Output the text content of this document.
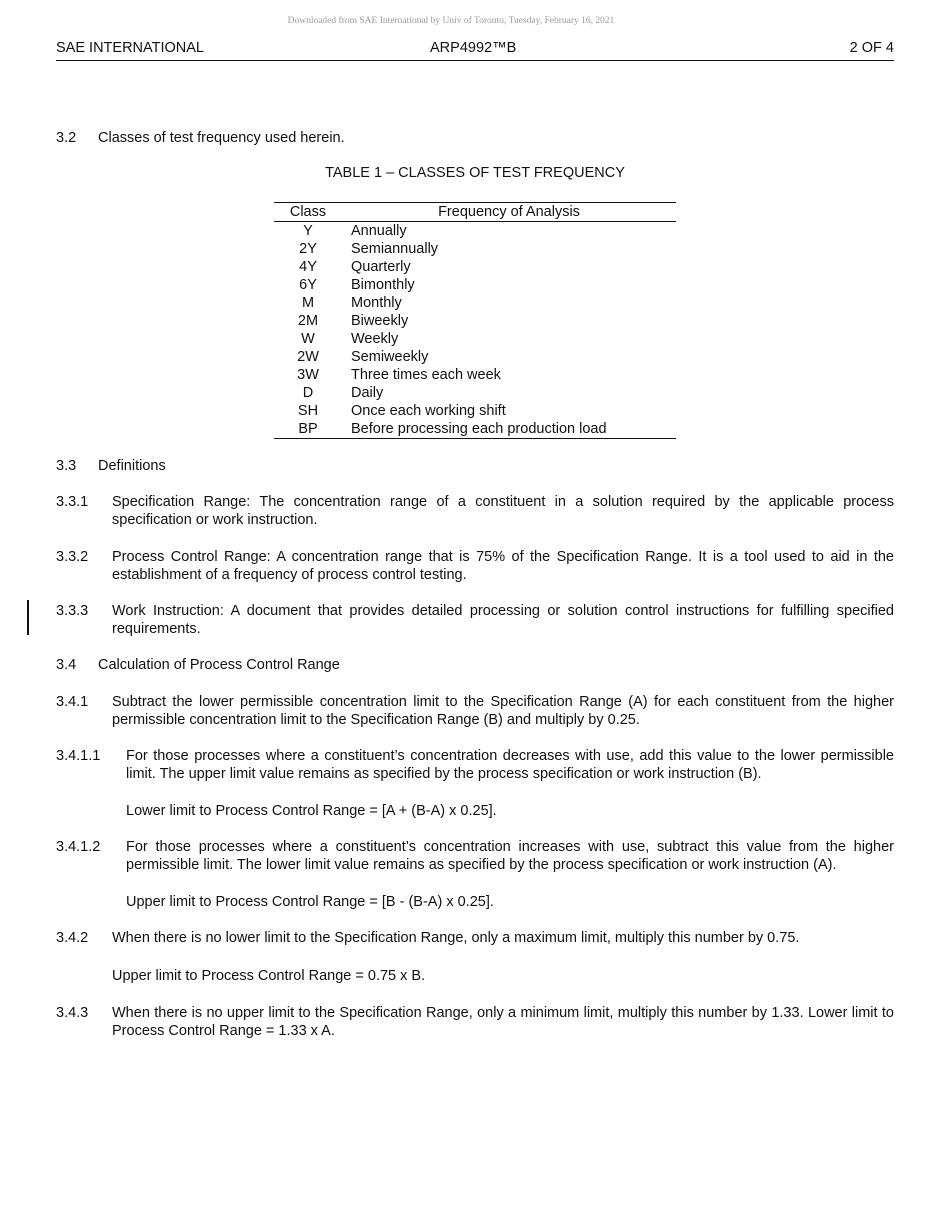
Downloaded from SAE International by Univ of Toronto, Tuesday, February 16, 2021
SAE INTERNATIONAL	ARP4992™B	2 OF 4
3.2 Classes of test frequency used herein.
TABLE 1 – CLASSES OF TEST FREQUENCY
Class	Frequency of Analysis
Y	Annually
2Y	Semiannually
4Y	Quarterly
6Y	Bimonthly
M	Monthly
2M	Biweekly
W	Weekly
2W	Semiweekly
3W	Three times each week
D	Daily
SH	Once each working shift
BP	Before processing each production load
3.3 Definitions
3.3.1 Specification Range: The concentration range of a constituent in a solution required by the applicable process specification or work instruction.
3.3.2 Process Control Range: A concentration range that is 75% of the Specification Range. It is a tool used to aid in the establishment of a frequency of process control testing.
3.3.3 Work Instruction: A document that provides detailed processing or solution control instructions for fulfilling specified requirements.
3.4 Calculation of Process Control Range
3.4.1 Subtract the lower permissible concentration limit to the Specification Range (A) for each constituent from the higher permissible concentration limit to the Specification Range (B) and multiply by 0.25.
3.4.1.1 For those processes where a constituent’s concentration decreases with use, add this value to the lower permissible limit. The upper limit value remains as specified by the process specification or work instruction (B).
Lower limit to Process Control Range = [A + (B-A) x 0.25].
3.4.1.2 For those processes where a constituent’s concentration increases with use, subtract this value from the higher permissible limit. The lower limit value remains as specified by the process specification or work instruction (A).
Upper limit to Process Control Range = [B - (B-A) x 0.25].
3.4.2 When there is no lower limit to the Specification Range, only a maximum limit, multiply this number by 0.75.
Upper limit to Process Control Range = 0.75 x B.
3.4.3 When there is no upper limit to the Specification Range, only a minimum limit, multiply this number by 1.33. Lower limit to Process Control Range = 1.33 x A.
